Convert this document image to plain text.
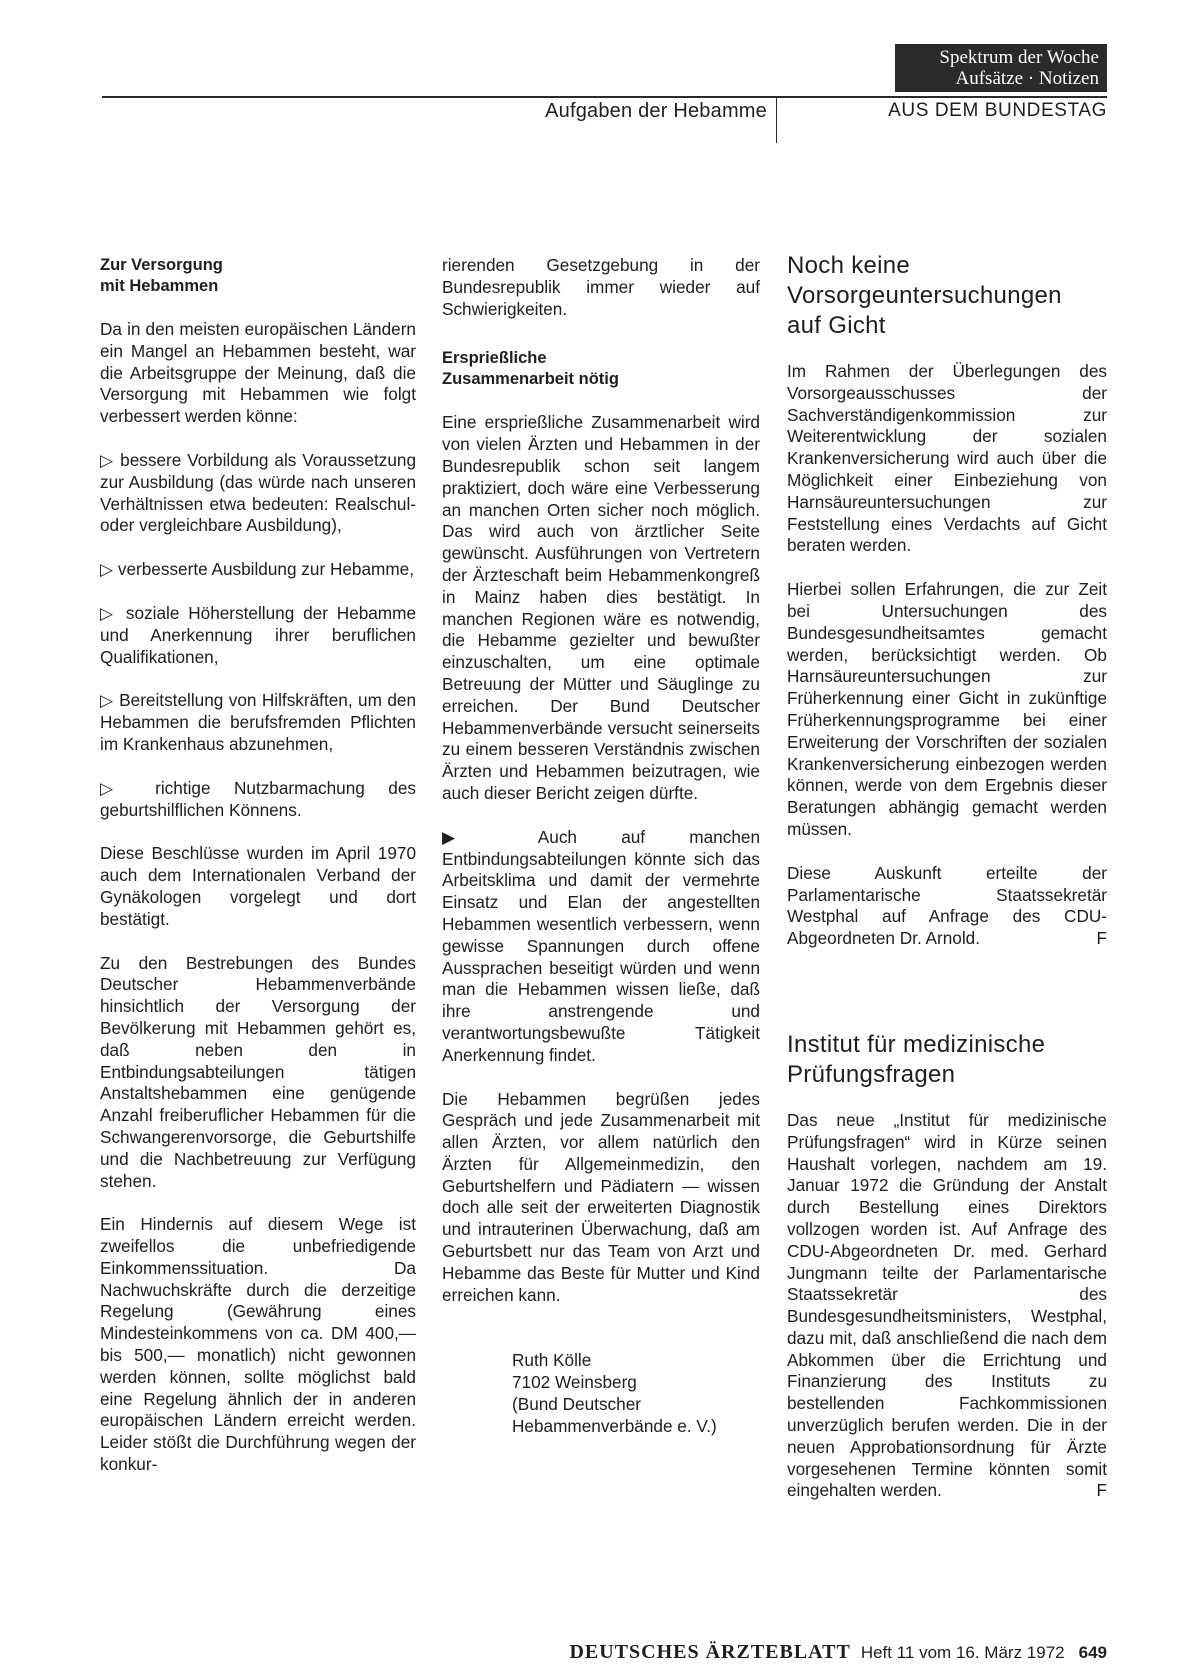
Spektrum der Woche
Aufsätze · Notizen
Aufgaben der Hebamme	AUS DEM BUNDESTAG
Zur Versorgung
mit Hebammen

Da in den meisten europäischen Ländern ein Mangel an Hebammen besteht, war die Arbeitsgruppe der Meinung, daß die Versorgung mit Hebammen wie folgt verbessert werden könne:

▷ bessere Vorbildung als Voraussetzung zur Ausbildung (das würde nach unseren Verhältnissen etwa bedeuten: Realschul- oder vergleichbare Ausbildung),

▷ verbesserte Ausbildung zur Hebamme,

▷ soziale Höherstellung der Hebamme und Anerkennung ihrer beruflichen Qualifikationen,

▷ Bereitstellung von Hilfskräften, um den Hebammen die berufsfremden Pflichten im Krankenhaus abzunehmen,

▷ richtige Nutzbarmachung des geburtshilflichen Könnens.

Diese Beschlüsse wurden im April 1970 auch dem Internationalen Verband der Gynäkologen vorgelegt und dort bestätigt.

Zu den Bestrebungen des Bundes Deutscher Hebammenverbände hinsichtlich der Versorgung der Bevölkerung mit Hebammen gehört es, daß neben den in Entbindungsabteilungen tätigen Anstaltshebammen eine genügende Anzahl freiberuflicher Hebammen für die Schwangerenvorsorge, die Geburtshilfe und die Nachbetreuung zur Verfügung stehen.

Ein Hindernis auf diesem Wege ist zweifellos die unbefriedigende Einkommenssituation. Da Nachwuchskräfte durch die derzeitige Regelung (Gewährung eines Mindesteinkommens von ca. DM 400,— bis 500,— monatlich) nicht gewonnen werden können, sollte möglichst bald eine Regelung ähnlich der in anderen europäischen Ländern erreicht werden. Leider stößt die Durchführung wegen der konkur-

rierenden Gesetzgebung in der Bundesrepublik immer wieder auf Schwierigkeiten.

Ersprießliche
Zusammenarbeit nötig

Eine ersprießliche Zusammenarbeit wird von vielen Ärzten und Hebammen in der Bundesrepublik schon seit langem praktiziert, doch wäre eine Verbesserung an manchen Orten sicher noch möglich. Das wird auch von ärztlicher Seite gewünscht. Ausführungen von Vertretern der Ärzteschaft beim Hebammenkongreß in Mainz haben dies bestätigt. In manchen Regionen wäre es notwendig, die Hebamme gezielter und bewußter einzuschalten, um eine optimale Betreuung der Mütter und Säuglinge zu erreichen. Der Bund Deutscher Hebammenverbände versucht seinerseits zu einem besseren Verständnis zwischen Ärzten und Hebammen beizutragen, wie auch dieser Bericht zeigen dürfte.

▶	Auch auf manchen Entbindungsabteilungen könnte sich das Arbeitsklima und damit der vermehrte Einsatz und Elan der angestellten Hebammen wesentlich verbessern, wenn gewisse Spannungen durch offene Aussprachen beseitigt würden und wenn man die Hebammen wissen ließe, daß ihre anstrengende und verantwortungsbewußte Tätigkeit Anerkennung findet.

Die Hebammen begrüßen jedes Gespräch und jede Zusammenarbeit mit allen Ärzten, vor allem natürlich den Ärzten für Allgemeinmedizin, den Geburtshelfern und Pädiatern — wissen doch alle seit der erweiterten Diagnostik und intrauterinen Überwachung, daß am Geburtsbett nur das Team von Arzt und Hebamme das Beste für Mutter und Kind erreichen kann.

Ruth Kölle
7102 Weinsberg
(Bund Deutscher
Hebammenverbände e. V.)
Noch keine Vorsorgeuntersuchungen auf Gicht

Im Rahmen der Überlegungen des Vorsorgeausschusses der Sachverständigenkommission zur Weiterentwicklung der sozialen Krankenversicherung wird auch über die Möglichkeit einer Einbeziehung von Harnsäureuntersuchungen zur Feststellung eines Verdachts auf Gicht beraten werden.

Hierbei sollen Erfahrungen, die zur Zeit bei Untersuchungen des Bundesgesundheitsamtes gemacht werden, berücksichtigt werden. Ob Harnsäureuntersuchungen zur Früherkennung einer Gicht in zukünftige Früherkennungsprogramme bei einer Erweiterung der Vorschriften der sozialen Krankenversicherung einbezogen werden können, werde von dem Ergebnis dieser Beratungen abhängig gemacht werden müssen.

Diese Auskunft erteilte der Parlamentarische Staatssekretär Westphal auf Anfrage des CDU-Abgeordneten Dr. Arnold.	F

Institut für medizinische Prüfungsfragen

Das neue „Institut für medizinische Prüfungsfragen“ wird in Kürze seinen Haushalt vorlegen, nachdem am 19. Januar 1972 die Gründung der Anstalt durch Bestellung eines Direktors vollzogen worden ist. Auf Anfrage des CDU-Abgeordneten Dr. med. Gerhard Jungmann teilte der Parlamentarische Staatssekretär des Bundesgesundheitsministers, Westphal, dazu mit, daß anschließend die nach dem Abkommen über die Errichtung und Finanzierung des Instituts zu bestellenden Fachkommissionen unverzüglich berufen werden. Die in der neuen Approbationsordnung für Ärzte vorgesehenen Termine könnten somit eingehalten werden.	F

DEUTSCHES ÄRZTEBLATT Heft 11 vom 16. März 1972 649
